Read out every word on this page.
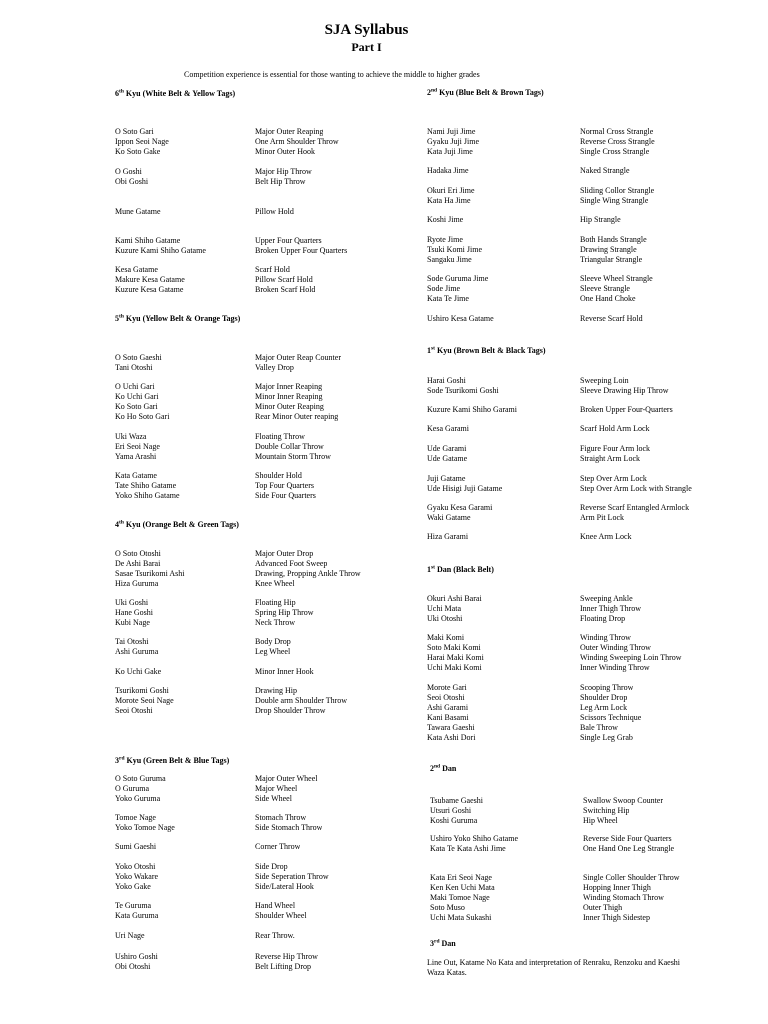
SJA Syllabus
Part I
Competition experience is essential for those wanting to achieve the middle to higher grades
6th Kyu (White Belt & Yellow Tags)
O Soto Gari	Major Outer Reaping
Ippon Seoi Nage	One Arm Shoulder Throw
Ko Soto Gake	Minor Outer Hook
O Goshi	Major Hip Throw
Obi Goshi	Belt Hip Throw
Mune Gatame	Pillow Hold
Kami Shiho Gatame	Upper Four Quarters
Kuzure Kami Shiho Gatame	Broken Upper Four Quarters
Kesa Gatame	Scarf Hold
Makure Kesa Gatame	Pillow Scarf Hold
Kuzure Kesa Gatame	Broken Scarf Hold
5th Kyu (Yellow Belt & Orange Tags)
O Soto Gaeshi	Major Outer Reap Counter
Tani Otoshi	Valley Drop
O Uchi Gari	Major Inner Reaping
Ko Uchi Gari	Minor Inner Reaping
Ko Soto Gari	Minor Outer Reaping
Ko Ho Soto Gari	Rear Minor Outer reaping
Uki Waza	Floating Throw
Eri Seoi Nage	Double Collar Throw
Yama Arashi	Mountain Storm Throw
Kata Gatame	Shoulder Hold
Tate Shiho Gatame	Top Four Quarters
Yoko Shiho Gatame	Side Four Quarters
4th Kyu (Orange Belt & Green Tags)
O Soto Otoshi	Major Outer Drop
De Ashi Barai	Advanced Foot Sweep
Sasae Tsurikomi Ashi	Drawing, Propping Ankle Throw
Hiza Guruma	Knee Wheel
Uki Goshi	Floating Hip
Hane Goshi	Spring Hip Throw
Kubi Nage	Neck Throw
Tai Otoshi	Body Drop
Ashi Guruma	Leg Wheel
Ko Uchi Gake	Minor Inner Hook
Tsurikomi Goshi	Drawing Hip
Morote Seoi Nage	Double arm Shoulder Throw
Seoi Otoshi	Drop Shoulder Throw
3rd Kyu (Green Belt & Blue Tags)
O Soto Guruma	Major Outer Wheel
O Guruma	Major Wheel
Yoko Guruma	Side Wheel
Tomoe Nage	Stomach Throw
Yoko Tomoe Nage	Side Stomach Throw
Sumi Gaeshi	Corner Throw
Yoko Otoshi	Side Drop
Yoko Wakare	Side Seperation Throw
Yoko Gake	Side/Lateral Hook
Te Guruma	Hand Wheel
Kata Guruma	Shoulder Wheel
Uri Nage	Rear Throw.
Ushiro Goshi	Reverse Hip Throw
Obi Otoshi	Belt Lifting Drop
2nd Kyu (Blue Belt & Brown Tags)
Nami Juji Jime	Normal Cross Strangle
Gyaku Juji Jime	Reverse Cross Strangle
Kata Juji Jime	Single Cross Strangle
Hadaka Jime	Naked Strangle
Okuri Eri Jime	Sliding Collor Strangle
Kata Ha Jime	Single Wing Strangle
Koshi Jime	Hip Strangle
Ryote Jime	Both Hands Strangle
Tsuki Komi Jime	Drawing Strangle
Sangaku Jime	Triangular Strangle
Sode Guruma Jime	Sleeve Wheel Strangle
Sode Jime	Sleeve Strangle
Kata Te Jime	One Hand Choke
Ushiro Kesa Gatame	Reverse Scarf Hold
1st Kyu (Brown Belt & Black Tags)
Harai Goshi	Sweeping Loin
Sode Tsurikomi Goshi	Sleeve Drawing Hip Throw
Kuzure Kami Shiho Garami	Broken Upper Four-Quarters
Kesa Garami	Scarf Hold Arm Lock
Ude Garami	Figure Four Arm lock
Ude Gatame	Straight Arm Lock
Juji Gatame	Step Over Arm Lock
Ude Hisigi Juji Gatame	Step Over Arm Lock with Strangle
Gyaku Kesa Garami	Reverse Scarf Entangled Armlock
Waki Gatame	Arm Pit Lock
Hiza Garami	Knee Arm Lock
1st Dan (Black Belt)
Okuri Ashi Barai	Sweeping Ankle
Uchi Mata	Inner Thigh Throw
Uki Otoshi	Floating Drop
Maki Komi	Winding Throw
Soto Maki Komi	Outer Winding Throw
Harai Maki Komi	Winding Sweeping Loin Throw
Uchi Maki Komi	Inner Winding Throw
Morote Gari	Scooping Throw
Seoi Otoshi	Shoulder Drop
Ashi Garami	Leg Arm Lock
Kani Basami	Scissors Technique
Tawara Gaeshi	Bale Throw
Kata Ashi Dori	Single Leg Grab
2nd Dan
Tsubame Gaeshi	Swallow Swoop Counter
Utsuri Goshi	Switching Hip
Koshi Guruma	Hip Wheel
Ushiro Yoko Shiho Gatame	Reverse Side Four Quarters
Kata Te Kata Ashi Jime	One Hand One Leg Strangle
Kata Eri Seoi Nage	Single Coller Shoulder Throw
Ken Ken Uchi Mata	Hopping Inner Thigh
Maki Tomoe Nage	Winding Stomach Throw
Soto Muso	Outer Thigh
Uchi Mata Sukashi	Inner Thigh Sidestep
3rd Dan
Line Out, Katame No Kata and interpretation of Renraku, Renzoku and Kaeshi Waza Katas.
